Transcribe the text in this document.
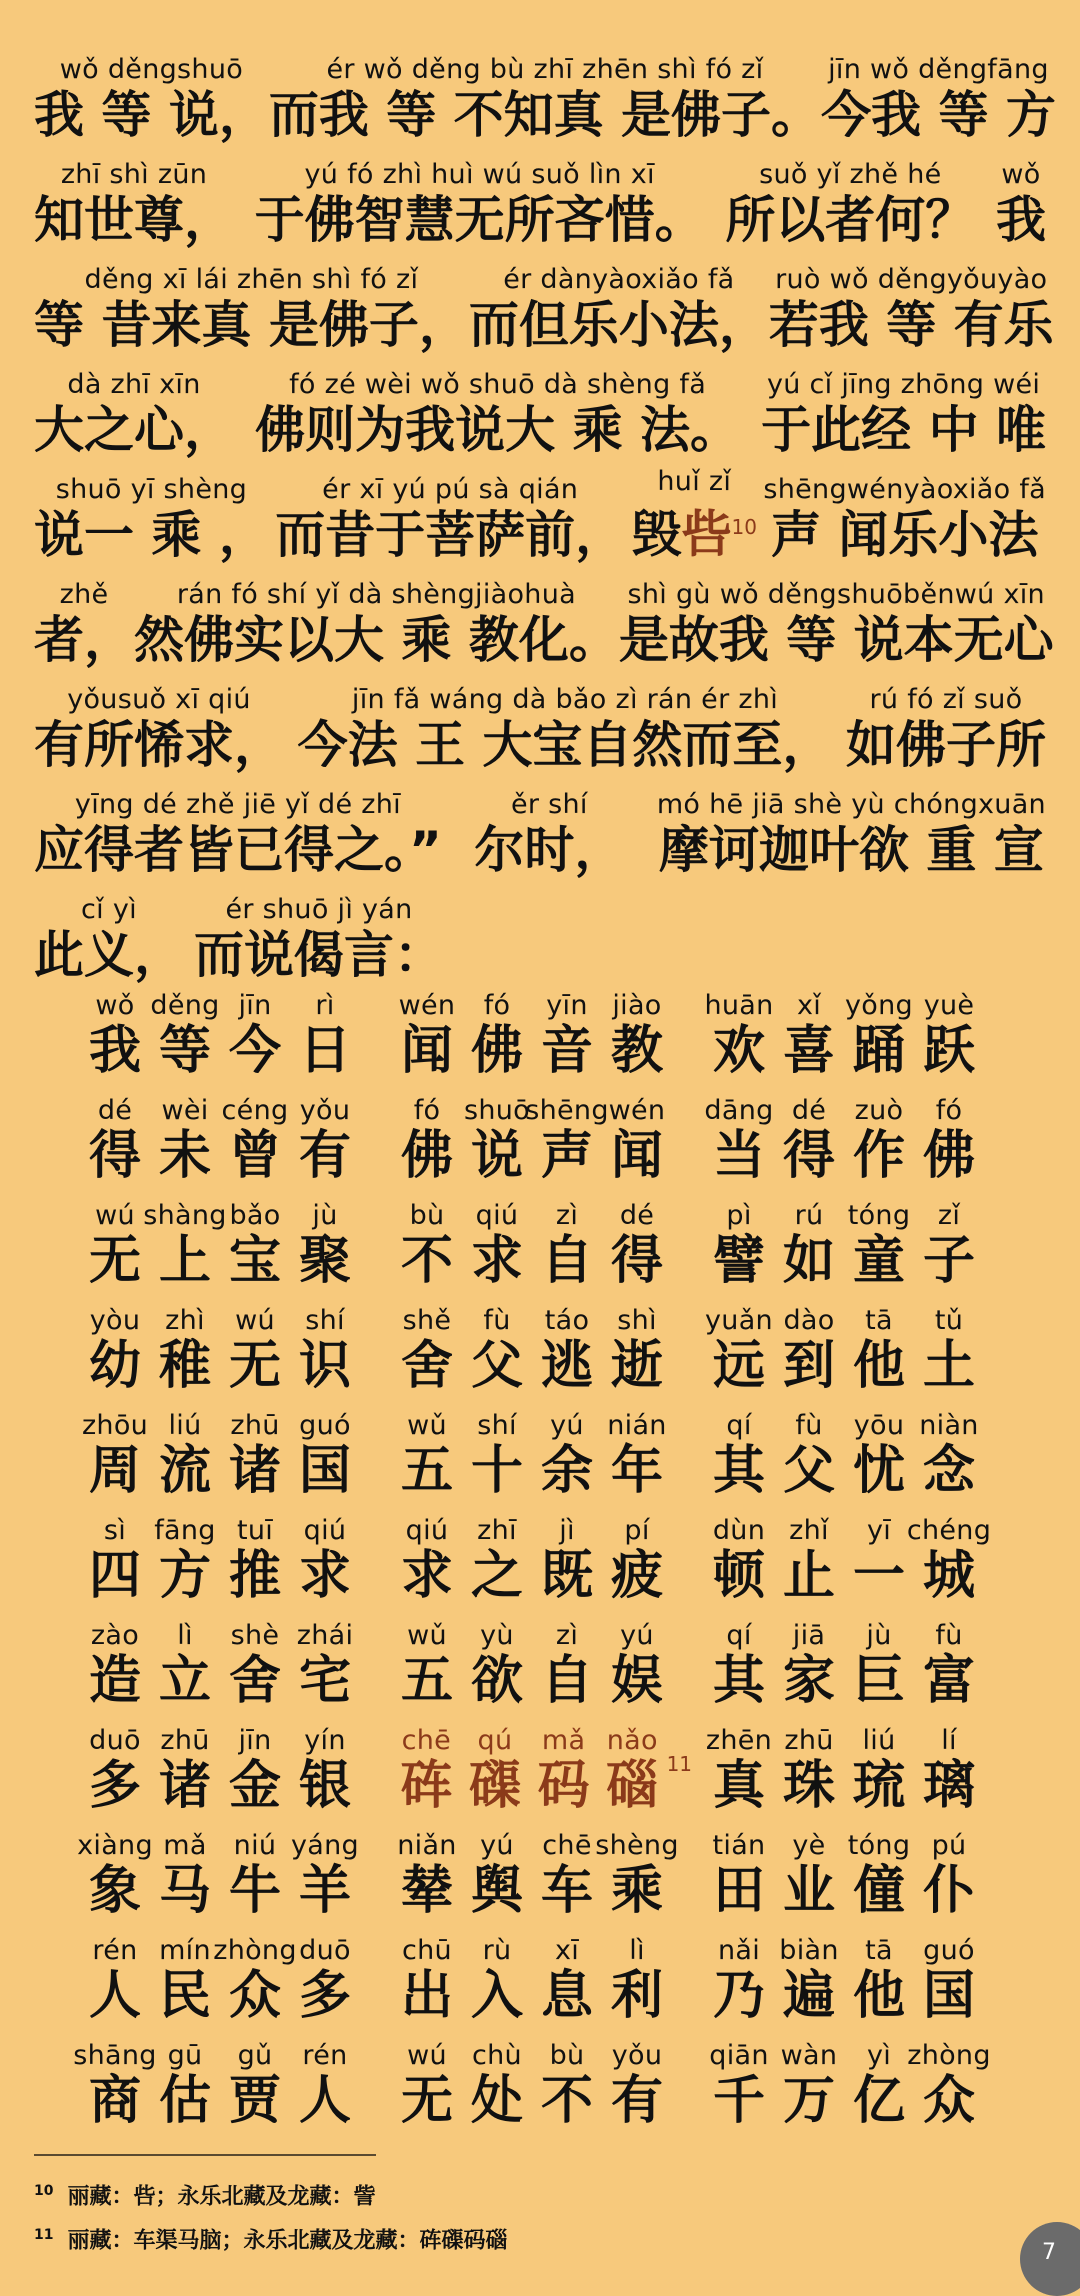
wǒ děngshuō
我 等 说，
ér wǒ děng bù zhī zhēn shì fó zǐ
而我 等 不知真 是佛子。
jīn wǒ děngfāng
今我 等 方
zhī shì zūn
知世尊，
yú fó zhì huì wú suǒ lìn xī
于佛智慧无所吝惜。
suǒ yǐ zhě hé
所以者何？
wǒ
我
děng xī lái zhēn shì fó zǐ
等 昔来真 是佛子，
ér dànyàoxiǎo fǎ
而但乐小法，
ruò wǒ děngyǒuyào
若我 等 有乐
dà zhī xīn
大之心，
fó zé wèi wǒ shuō dà shèng fǎ
佛则为我说大 乘 法。
yú cǐ jīng zhōng wéi
于此经 中 唯
shuō yī shèng
说一 乘 ，
ér xī yú pú sà qián
而昔于菩萨前，
huǐ zǐ
毁呰$^{10}$
shēngwényàoxiǎo fǎ
声 闻乐小法
zhě
者，
rán fó shí yǐ dà shèngjiàohuà
然佛实以大 乘 教化。
shì gù wǒ děngshuōběnwú xīn
是故我 等 说本无心
yǒusuǒ xī qiú
有所悕求，
jīn fǎ wáng dà bǎo zì rán ér zhì
今法 王 大宝自然而至，
rú fó zǐ suǒ
如佛子所
yīng dé zhě jiē yǐ dé zhī
应得者皆已得之。”
ěr shí
尔时，
mó hē jiā shè yù chóngxuān
摩诃迦叶欲 重 宣
cǐ yì
此义，
ér shuō jì yán
而说偈言：
wǒ
我
děng
等
jīn
今
rì
日
wén
闻
fó
佛
yīn
音
jiào
教
huān
欢
xǐ
喜
yǒng
踊
yuè
跃
dé
得
wèi
未
céng
曾
yǒu
有
fó
佛
shuō
说
shēng
声
wén
闻
dāng
当
dé
得
zuò
作
fó
佛
wú
无
shàng
上
bǎo
宝
jù
聚
bù
不
qiú
求
zì
自
dé
得
pì
譬
rú
如
tóng
童
zǐ
子
yòu
幼
zhì
稚
wú
无
shí
识
shě
舍
fù
父
táo
逃
shì
逝
yuǎn
远
dào
到
tā
他
tǔ
土
zhōu
周
liú
流
zhū
诸
guó
国
wǔ
五
shí
十
yú
余
nián
年
qí
其
fù
父
yōu
忧
niàn
念
sì
四
fāng
方
tuī
推
qiú
求
qiú
求
zhī
之
jì
既
pí
疲
dùn
顿
zhǐ
止
yī
一
chéng
城
zào
造
lì
立
shè
舍
zhái
宅
wǔ
五
yù
欲
zì
自
yú
娱
qí
其
jiā
家
jù
巨
fù
富
duō
多
zhū
诸
jīn
金
yín
银
chē
砗
qú
磲
mǎ
码
nǎo
碯 11
zhēn
真
zhū
珠
liú
琉
lí
璃
xiàng
象
mǎ
马
niú
牛
yáng
羊
niǎn
辇
yú
舆
chē
车
shèng
乘
tián
田
yè
业
tóng
僮
pú
仆
rén
人
mín
民
zhòng
众
duō
多
chū
出
rù
入
xī
息
lì
利
nǎi
乃
biàn
遍
tā
他
guó
国
shāng
商
gū
估
gǔ
贾
rén
人
wú
无
chù
处
bù
不
yǒu
有
qiān
千
wàn
万
yì
亿
zhòng
众
$^{10}$ 丽藏：呰；永乐北藏及龙藏：訾
$^{11}$ 丽藏：车渠马脑；永乐北藏及龙藏：砗磲码碯	7
